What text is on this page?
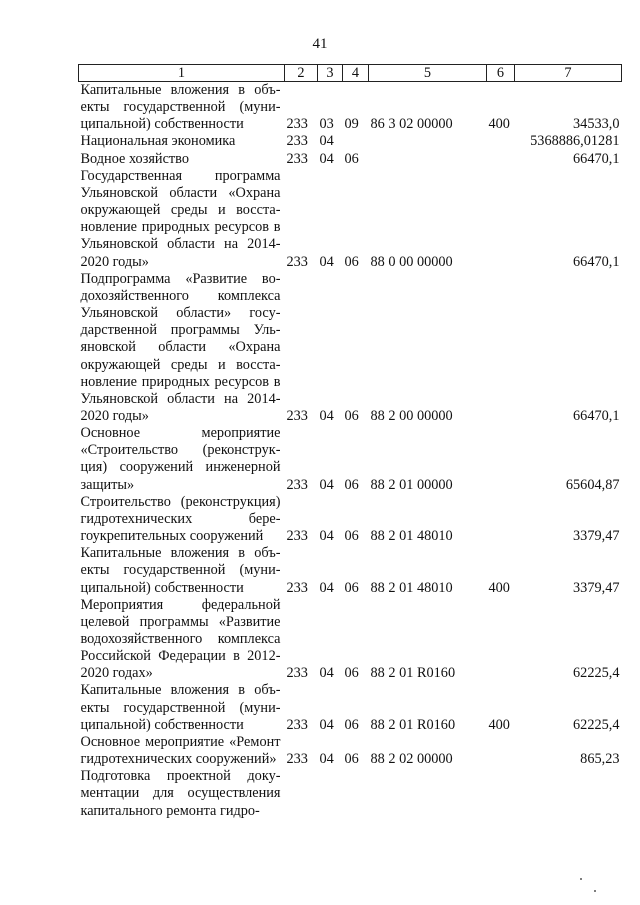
41
1	2	3	4	5	6	7
Капитальные вложения в объекты государственной (муниципальной) собственности	233	03	09	86 3 02 00000	400	34533,0
Национальная экономика	233	04				5368886,01281
Водное хозяйство	233	04	06			66470,1
Государственная программа Ульяновской области «Охрана окружающей среды и восстановление природных ресурсов в Ульяновской области на 2014-2020 годы»	233	04	06	88 0 00 00000		66470,1
Подпрограмма «Развитие водохозяйственного комплекса Ульяновской области» государственной программы Ульяновской области «Охрана окружающей среды и восстановление природных ресурсов в Ульяновской области на 2014-2020 годы»	233	04	06	88 2 00 00000		66470,1
Основное мероприятие «Строительство (реконструкция) сооружений инженерной защиты»	233	04	06	88 2 01 00000		65604,87
Строительство (реконструкция) гидротехнических берегоукрепительных сооружений	233	04	06	88 2 01 48010		3379,47
Капитальные вложения в объекты государственной (муниципальной) собственности	233	04	06	88 2 01 48010	400	3379,47
Мероприятия федеральной целевой программы «Развитие водохозяйственного комплекса Российской Федерации в 2012-2020 годах»	233	04	06	88 2 01 R0160		62225,4
Капитальные вложения в объекты государственной (муниципальной) собственности	233	04	06	88 2 01 R0160	400	62225,4
Основное мероприятие «Ремонт гидротехнических сооружений»	233	04	06	88 2 02 00000		865,23
Подготовка проектной документации для осуществления капитального ремонта гидро-						
